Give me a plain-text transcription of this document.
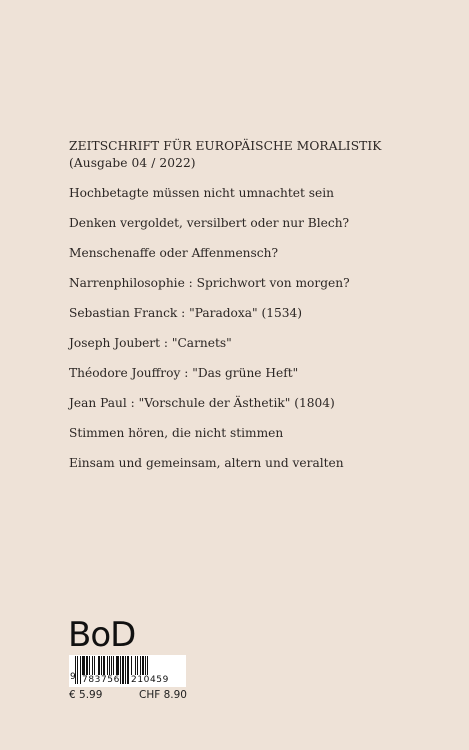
ZEITSCHRIFT FÜR EUROPÄISCHE MORALISTIK

(Ausgabe 04 / 2022)

Hochbetagte müssen nicht umnachtet sein
Denken vergoldet, versilbert oder nur Blech?
Menschenaffe oder Affenmensch?
Narrenphilosophie : Sprichwort von morgen?
Sebastian Franck : "Paradoxa" (1534)
Joseph Joubert : "Carnets"
Théodore Jouffroy : "Das grüne Heft"
Jean Paul : "Vorschule der Ästhetik" (1804)
Stimmen hören, die nicht stimmen
Einsam und gemeinsam, altern und veralten
BoD
9 783756 210459
€ 5.99	CHF 8.90
